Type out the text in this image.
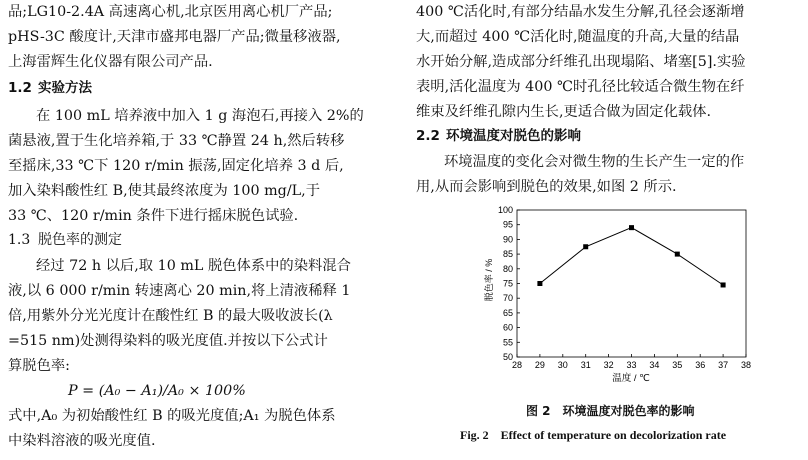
品;LG10-2.4A 高速离心机,北京医用离心机厂产品;
pHS-3C 酸度计,天津市盛邦电器厂产品;微量移液器,
上海雷辉生化仪器有限公司产品.
1.2 实验方法
在 100 mL 培养液中加入 1 g 海泡石,再接入 2%的
菌悬液,置于生化培养箱,于 33 ℃静置 24 h,然后转移
至摇床,33 ℃下 120 r/min 振荡,固定化培养 3 d 后,
加入染料酸性红 B,使其最终浓度为 100 mg/L,于
33 ℃、120 r/min 条件下进行摇床脱色试验.
1.3 脱色率的测定
经过 72 h 以后,取 10 mL 脱色体系中的染料混合
液,以 6 000 r/min 转速离心 20 min,将上清液稀释 1
倍,用紫外分光光度计在酸性红 B 的最大吸收波长(λ
=515 nm)处测得染料的吸光度值.并按以下公式计
算脱色率:
P = (A₀ − A₁)/A₀ × 100%
式中,A₀ 为初始酸性红 B 的吸光度值;A₁ 为脱色体系
中染料溶液的吸光度值.
400 ℃活化时,有部分结晶水发生分解,孔径会逐渐增
大,而超过 400 ℃活化时,随温度的升高,大量的结晶
水开始分解,造成部分纤维孔出现塌陷、堵塞[5].实验
表明,活化温度为 400 ℃时孔径比较适合微生物在纤
维束及纤维孔隙内生长,更适合做为固定化载体.
2.2 环境温度对脱色的影响
环境温度的变化会对微生物的生长产生一定的作
用,从而会影响到脱色的效果,如图 2 所示.
50
55
60
65
70
75
80
85
90
95
100
28 29 30 31 32 33 34 35 36 37 38
脱色率 / %
温度 / ℃
图 2　环境温度对脱色率的影响
Fig. 2　Effect of temperature on decolorization rate
